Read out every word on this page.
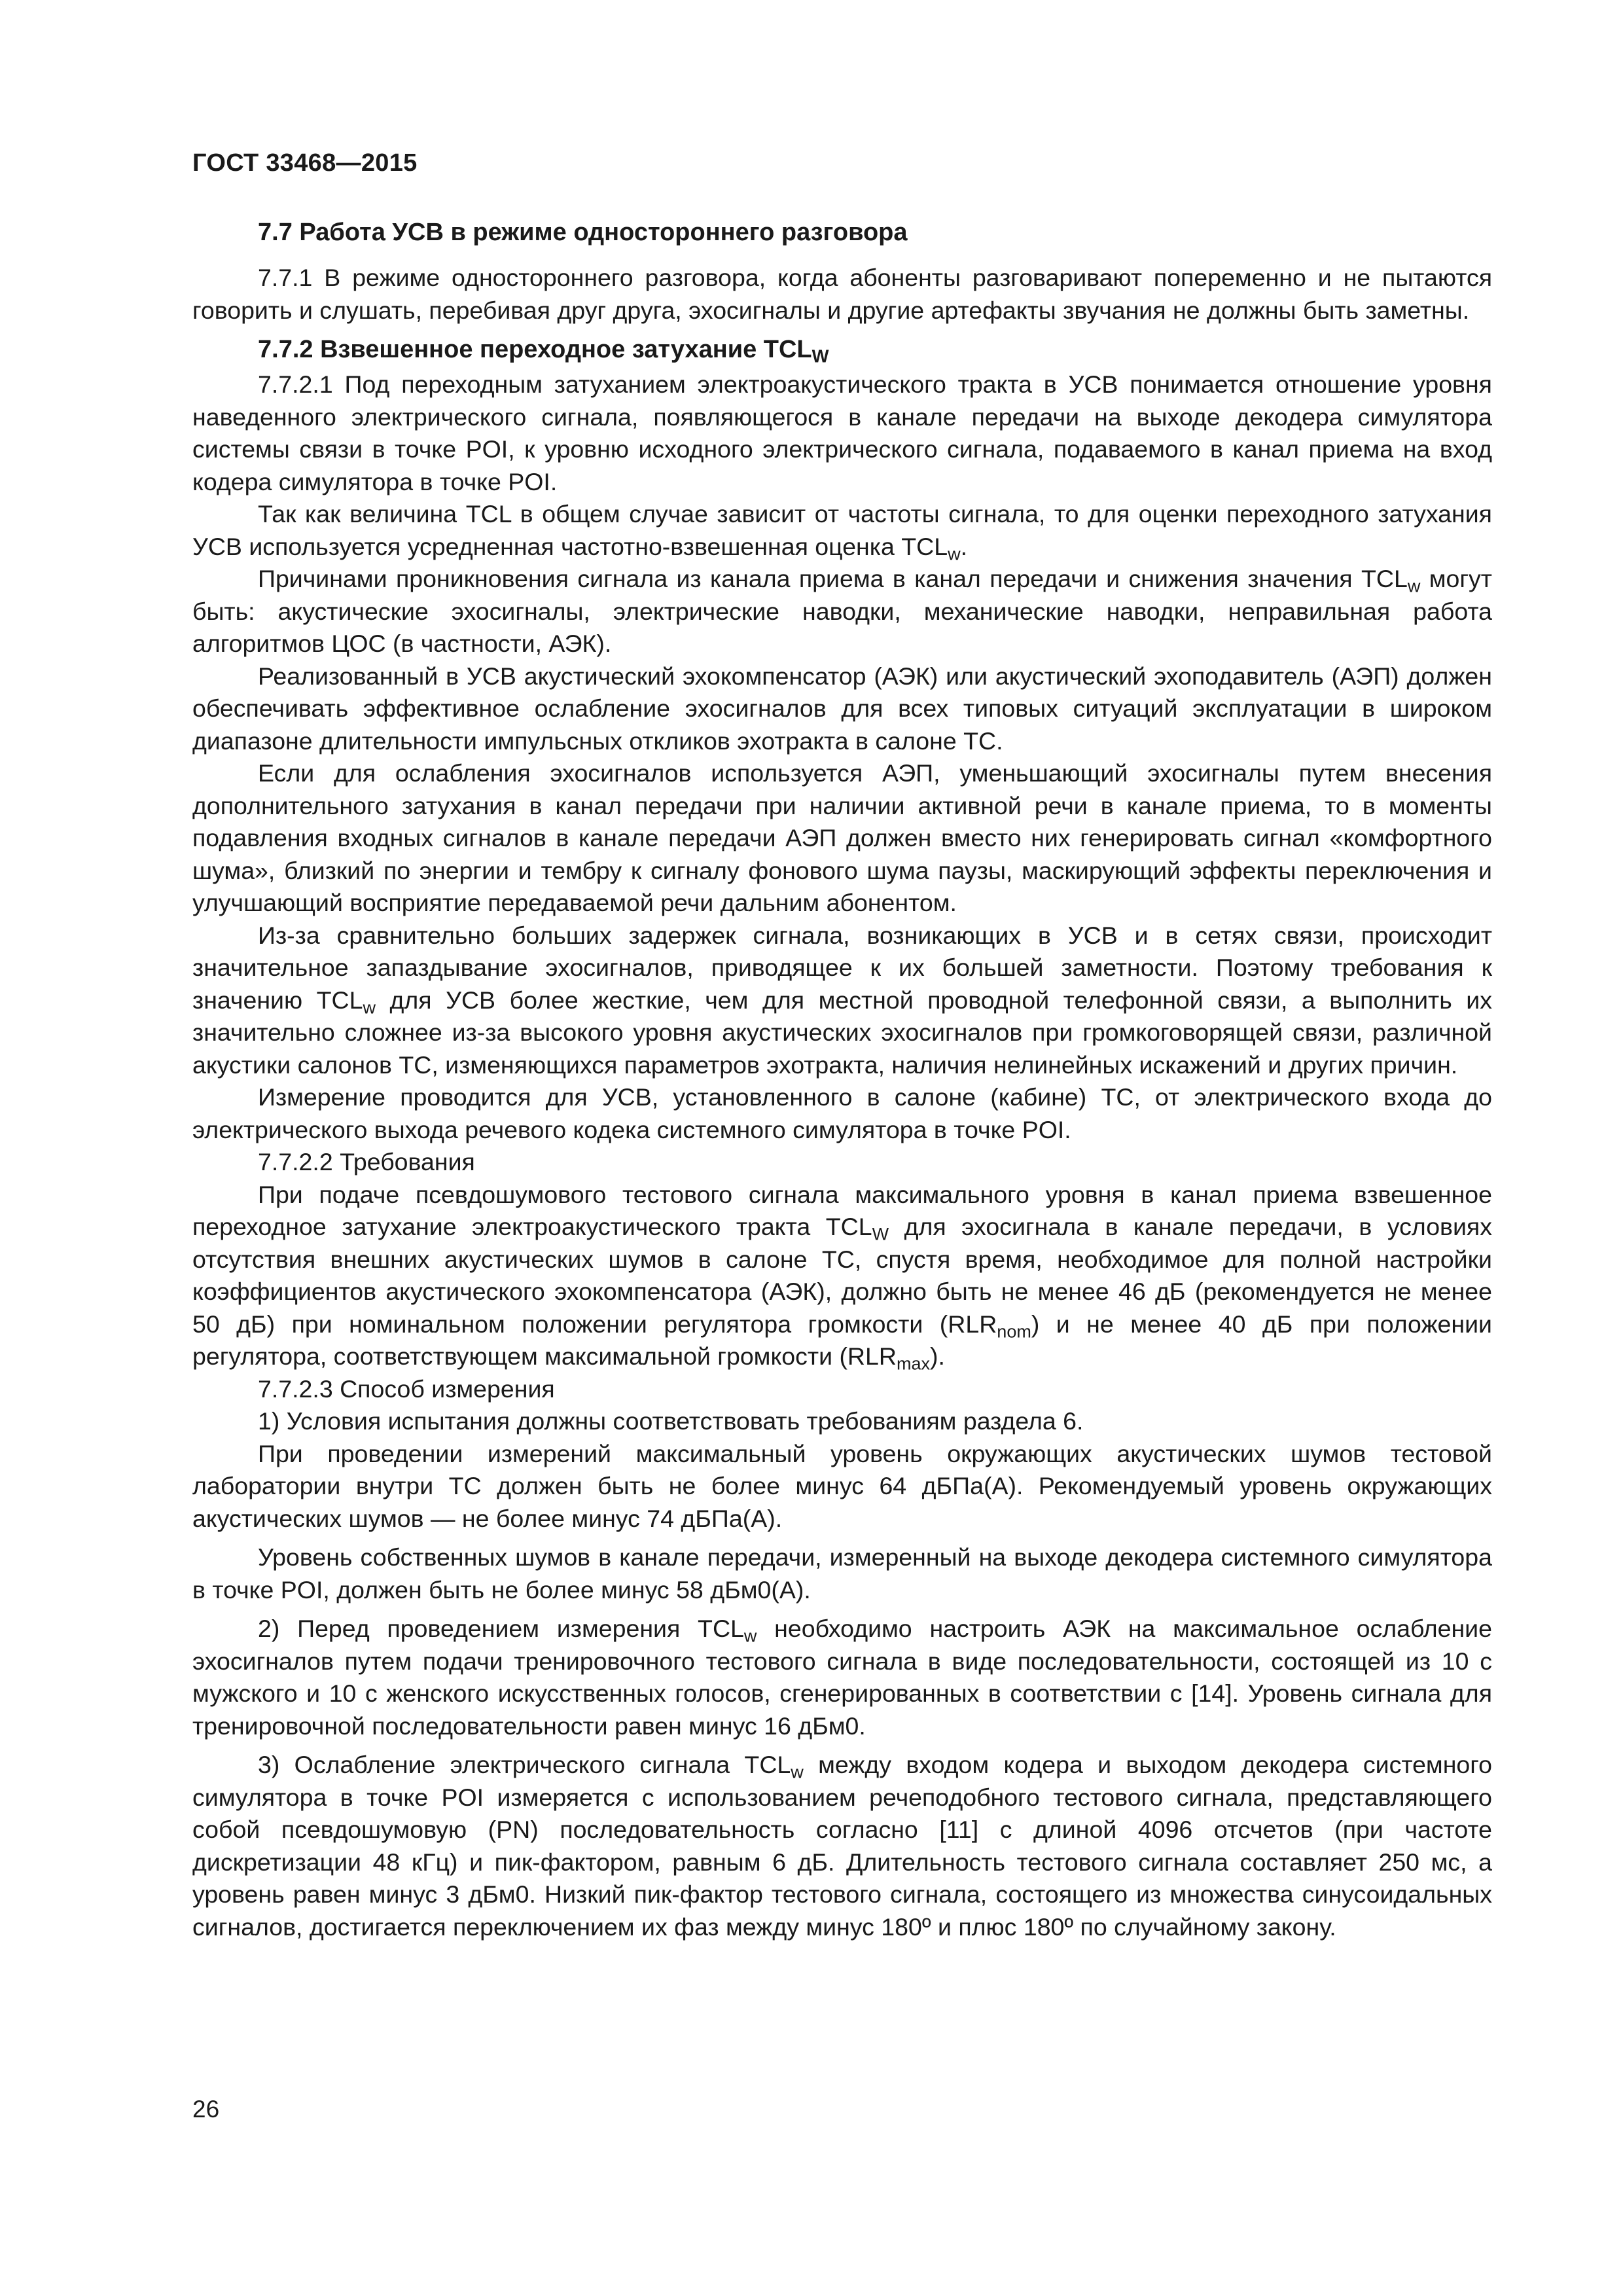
ГОСТ 33468—2015
7.7 Работа УСВ в режиме одностороннего разговора

7.7.1 В режиме одностороннего разговора, когда абоненты разговаривают попеременно и не пытаются говорить и слушать, перебивая друг друга, эхосигналы и другие артефакты звучания не должны быть заметны.

7.7.2 Взвешенное переходное затухание $TCL_W$

7.7.2.1 Под переходным затуханием электроакустического тракта в УСВ понимается отношение уровня наведенного электрического сигнала, появляющегося в канале передачи на выходе декодера симулятора системы связи в точке POI, к уровню исходного электрического сигнала, подаваемого в канал приема на вход кодера симулятора в точке POI.

Так как величина TCL в общем случае зависит от частоты сигнала, то для оценки переходного затухания УСВ используется усредненная частотно-взвешенная оценка $TCL_w$.

Причинами проникновения сигнала из канала приема в канал передачи и снижения значения $TCL_w$ могут быть: акустические эхосигналы, электрические наводки, механические наводки, неправильная работа алгоритмов ЦОС (в частности, АЭК).

Реализованный в УСВ акустический эхокомпенсатор (АЭК) или акустический эхоподавитель (АЭП) должен обеспечивать эффективное ослабление эхосигналов для всех типовых ситуаций эксплуатации в широком диапазоне длительности импульсных откликов эхотракта в салоне ТС.

Если для ослабления эхосигналов используется АЭП, уменьшающий эхосигналы путем внесения дополнительного затухания в канал передачи при наличии активной речи в канале приема, то в моменты подавления входных сигналов в канале передачи АЭП должен вместо них генерировать сигнал «комфортного шума», близкий по энергии и тембру к сигналу фонового шума паузы, маскирующий эффекты переключения и улучшающий восприятие передаваемой речи дальним абонентом.

Из-за сравнительно больших задержек сигнала, возникающих в УСВ и в сетях связи, происходит значительное запаздывание эхосигналов, приводящее к их большей заметности. Поэтому требования к значению $TCL_w$ для УСВ более жесткие, чем для местной проводной телефонной связи, а выполнить их значительно сложнее из-за высокого уровня акустических эхосигналов при громкоговорящей связи, различной акустики салонов ТС, изменяющихся параметров эхотракта, наличия нелинейных искажений и других причин.

Измерение проводится для УСВ, установленного в салоне (кабине) ТС, от электрического входа до электрического выхода речевого кодека системного симулятора в точке POI.

7.7.2.2 Требования

При подаче псевдошумового тестового сигнала максимального уровня в канал приема взвешенное переходное затухание электроакустического тракта $TCL_W$ для эхосигнала в канале передачи, в условиях отсутствия внешних акустических шумов в салоне ТС, спустя время, необходимое для полной настройки коэффициентов акустического эхокомпенсатора (АЭК), должно быть не менее 46 дБ (рекомендуется не менее 50 дБ) при номинальном положении регулятора громкости $(RLR_{nom})$ и не менее 40 дБ при положении регулятора, соответствующем максимальной громкости $(RLR_{max})$.

7.7.2.3 Способ измерения

1) Условия испытания должны соответствовать требованиям раздела 6.

При проведении измерений максимальный уровень окружающих акустических шумов тестовой лаборатории внутри ТС должен быть не более минус 64 дБПа(А). Рекомендуемый уровень окружающих акустических шумов — не более минус 74 дБПа(А).

Уровень собственных шумов в канале передачи, измеренный на выходе декодера системного симулятора в точке POI, должен быть не более минус 58 дБм0(А).

2) Перед проведением измерения $TCL_w$ необходимо настроить АЭК на максимальное ослабление эхосигналов путем подачи тренировочного тестового сигнала в виде последовательности, состоящей из 10 с мужского и 10 с женского искусственных голосов, сгенерированных в соответствии с [14]. Уровень сигнала для тренировочной последовательности равен минус 16 дБм0.

3) Ослабление электрического сигнала $TCL_w$ между входом кодера и выходом декодера системного симулятора в точке POI измеряется с использованием речеподобного тестового сигнала, представляющего собой псевдошумовую (PN) последовательность согласно [11] с длиной 4096 отсчетов (при частоте дискретизации 48 кГц) и пик-фактором, равным 6 дБ. Длительность тестового сигнала составляет 250 мс, а уровень равен минус 3 дБм0. Низкий пик-фактор тестового сигнала, состоящего из множества синусоидальных сигналов, достигается переключением их фаз между минус 180º и плюс 180º по случайному закону.

26
